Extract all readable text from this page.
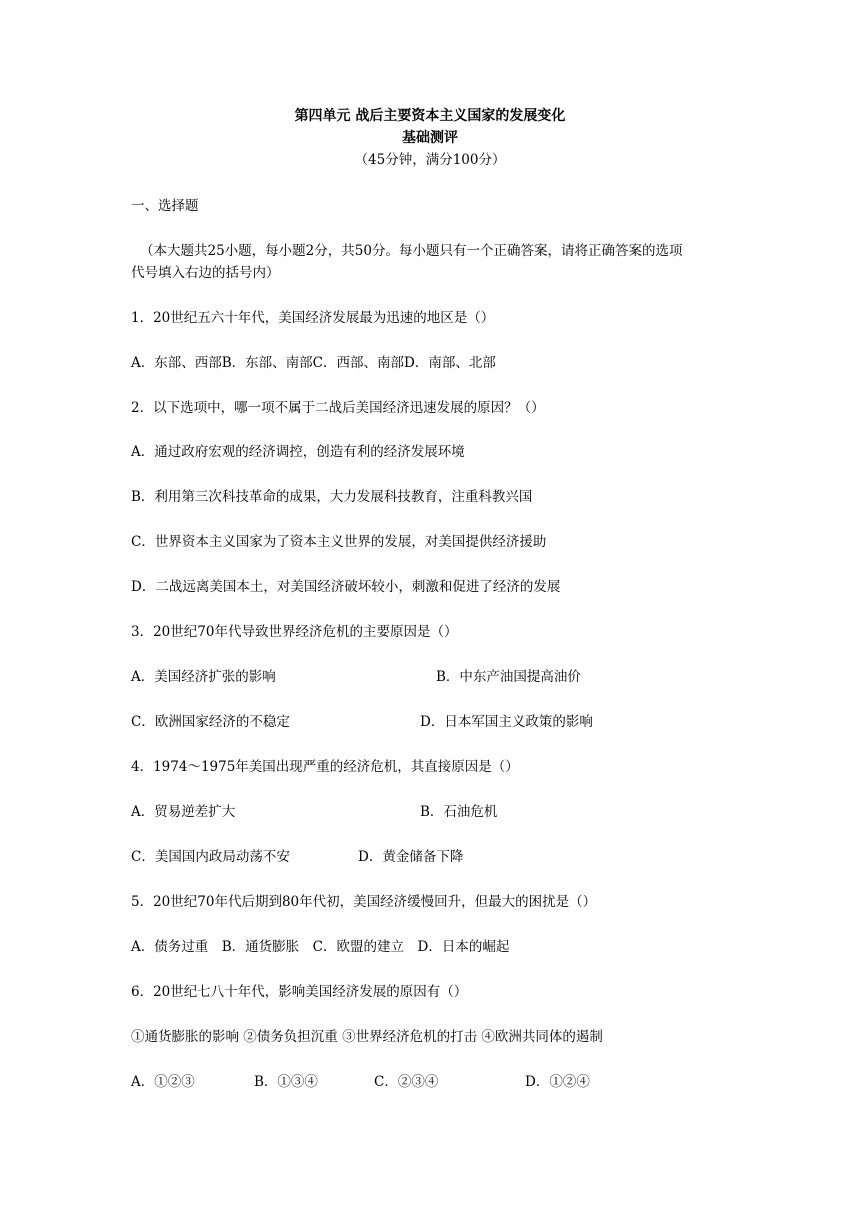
第四单元 战后主要资本主义国家的发展变化
基础测评
（45分钟，满分100分）
一、选择题
（本大题共25小题，每小题2分，共50分。每小题只有一个正确答案，请将正确答案的选项
代号填入右边的括号内）
1．20世纪五六十年代，美国经济发展最为迅速的地区是（）
A．东部、西部B．东部、南部C．西部、南部D．南部、北部
2．以下选项中，哪一项不属于二战后美国经济迅速发展的原因？（）
A．通过政府宏观的经济调控，创造有利的经济发展环境
B．利用第三次科技革命的成果，大力发展科技教育，注重科教兴国
C．世界资本主义国家为了资本主义世界的发展，对美国提供经济援助
D．二战远离美国本土，对美国经济破坏较小，刺激和促进了经济的发展
3．20世纪70年代导致世界经济危机的主要原因是（）
A．美国经济扩张的影响	B．中东产油国提高油价
C．欧洲国家经济的不稳定	D．日本军国主义政策的影响
4．1974～1975年美国出现严重的经济危机，其直接原因是（）
A．贸易逆差扩大	B．石油危机
C．美国国内政局动荡不安	D．黄金储备下降
5．20世纪70年代后期到80年代初，美国经济缓慢回升，但最大的困扰是（）
A．债务过重　B．通货膨胀　C．欧盟的建立　D．日本的崛起
6．20世纪七八十年代，影响美国经济发展的原因有（）
①通货膨胀的影响 ②债务负担沉重 ③世界经济危机的打击 ④欧洲共同体的遏制
A．①②③	B．①③④	C．②③④	D．①②④
